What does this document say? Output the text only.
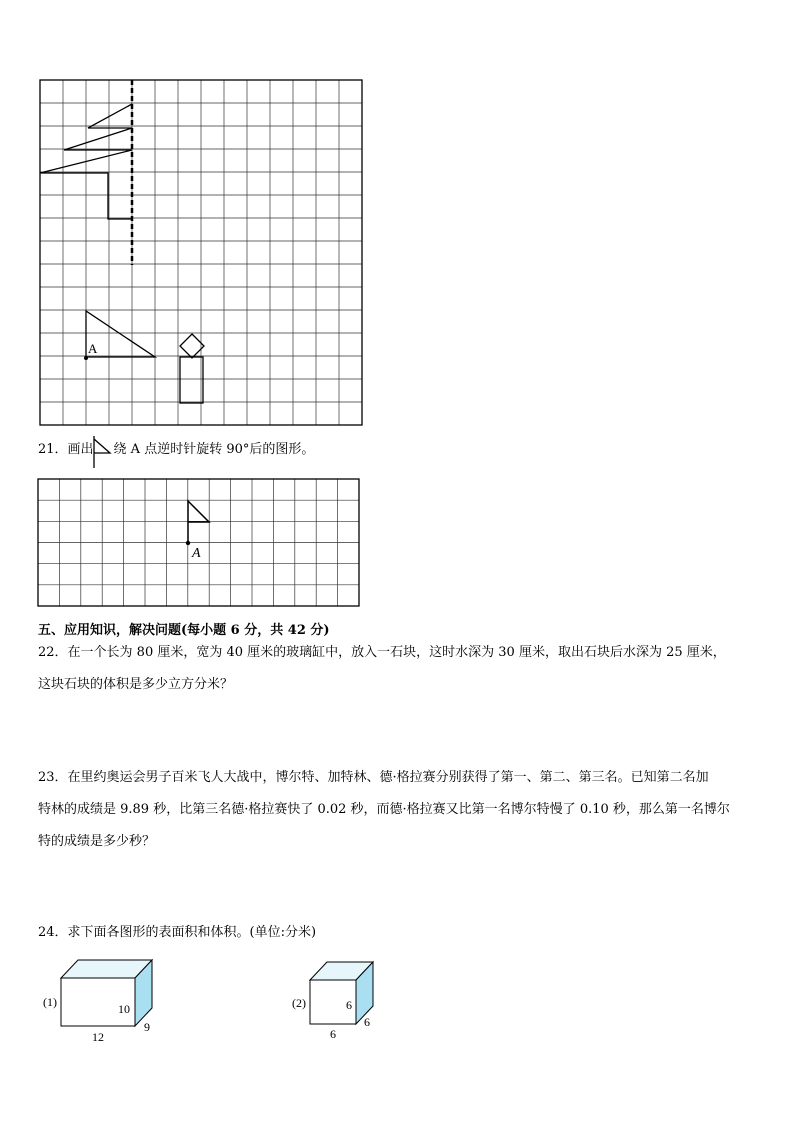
A
21．画出 绕 A 点逆时针旋转 90°后的图形。
A
五、应用知识，解决问题(每小题 6 分，共 42 分)
22．在一个长为 80 厘米，宽为 40 厘米的玻璃缸中，放入一石块，这时水深为 30 厘米，取出石块后水深为 25 厘米，
这块石块的体积是多少立方分米？
23．在里约奥运会男子百米飞人大战中，博尔特、加特林、德·格拉赛分别获得了第一、第二、第三名。已知第二名加
特林的成绩是 9.89 秒，比第三名德·格拉赛快了 0.02 秒，而德·格拉赛又比第一名博尔特慢了 0.10 秒，那么第一名博尔
特的成绩是多少秒？
24．求下面各图形的表面积和体积。(单位:分米)
(1)	10
9
12
(2)	6
6
6
